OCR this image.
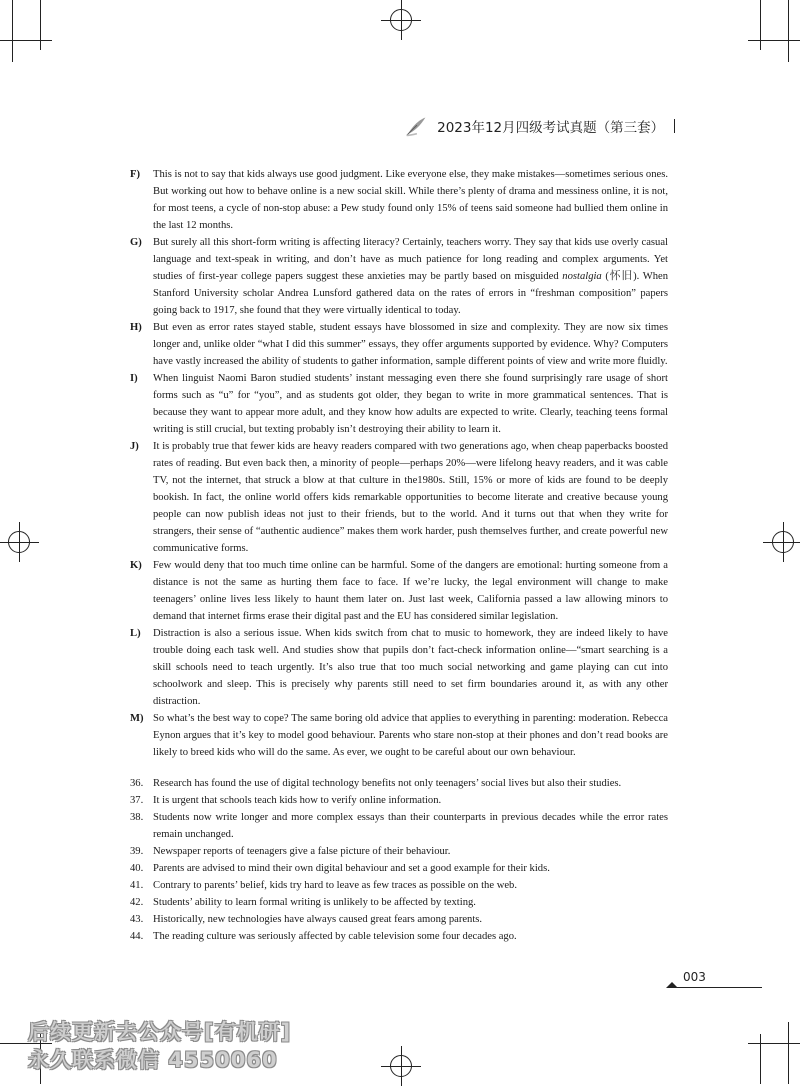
2023年12月四级考试真题（第三套）
F) This is not to say that kids always use good judgment. Like everyone else, they make mistakes—sometimes serious ones. But working out how to behave online is a new social skill. While there’s plenty of drama and messiness online, it is not, for most teens, a cycle of non-stop abuse: a Pew study found only 15% of teens said someone had bullied them online in the last 12 months.
G) But surely all this short-form writing is affecting literacy? Certainly, teachers worry. They say that kids use overly casual language and text-speak in writing, and don’t have as much patience for long reading and complex arguments. Yet studies of first-year college papers suggest these anxieties may be partly based on misguided nostalgia (怀旧). When Stanford University scholar Andrea Lunsford gathered data on the rates of errors in “freshman composition” papers going back to 1917, she found that they were virtually identical to today.
H) But even as error rates stayed stable, student essays have blossomed in size and complexity. They are now six times longer and, unlike older “what I did this summer” essays, they offer arguments supported by evidence. Why? Computers have vastly increased the ability of students to gather information, sample different points of view and write more fluidly.
I) When linguist Naomi Baron studied students’ instant messaging even there she found surprisingly rare usage of short forms such as “u” for “you”, and as students got older, they began to write in more grammatical sentences. That is because they want to appear more adult, and they know how adults are expected to write. Clearly, teaching teens formal writing is still crucial, but texting probably isn’t destroying their ability to learn it.
J) It is probably true that fewer kids are heavy readers compared with two generations ago, when cheap paperbacks boosted rates of reading. But even back then, a minority of people—perhaps 20%—were lifelong heavy readers, and it was cable TV, not the internet, that struck a blow at that culture in the1980s. Still, 15% or more of kids are found to be deeply bookish. In fact, the online world offers kids remarkable opportunities to become literate and creative because young people can now publish ideas not just to their friends, but to the world. And it turns out that when they write for strangers, their sense of “authentic audience” makes them work harder, push themselves further, and create powerful new communicative forms.
K) Few would deny that too much time online can be harmful. Some of the dangers are emotional: hurting someone from a distance is not the same as hurting them face to face. If we’re lucky, the legal environment will change to make teenagers’ online lives less likely to haunt them later on. Just last week, California passed a law allowing minors to demand that internet firms erase their digital past and the EU has considered similar legislation.
L) Distraction is also a serious issue. When kids switch from chat to music to homework, they are indeed likely to have trouble doing each task well. And studies show that pupils don’t fact-check information online—“smart searching is a skill schools need to teach urgently. It’s also true that too much social networking and game playing can cut into schoolwork and sleep. This is precisely why parents still need to set firm boundaries around it, as with any other distraction.
M) So what’s the best way to cope? The same boring old advice that applies to everything in parenting: moderation. Rebecca Eynon argues that it’s key to model good behaviour. Parents who stare non-stop at their phones and don’t read books are likely to breed kids who will do the same. As ever, we ought to be careful about our own behaviour.
36. Research has found the use of digital technology benefits not only teenagers’ social lives but also their studies.
37. It is urgent that schools teach kids how to verify online information.
38. Students now write longer and more complex essays than their counterparts in previous decades while the error rates remain unchanged.
39. Newspaper reports of teenagers give a false picture of their behaviour.
40. Parents are advised to mind their own digital behaviour and set a good example for their kids.
41. Contrary to parents’ belief, kids try hard to leave as few traces as possible on the web.
42. Students’ ability to learn formal writing is unlikely to be affected by texting.
43. Historically, new technologies have always caused great fears among parents.
44. The reading culture was seriously affected by cable television some four decades ago.
003
后续更新去公众号[有机研]
永久联系微信 4550060
